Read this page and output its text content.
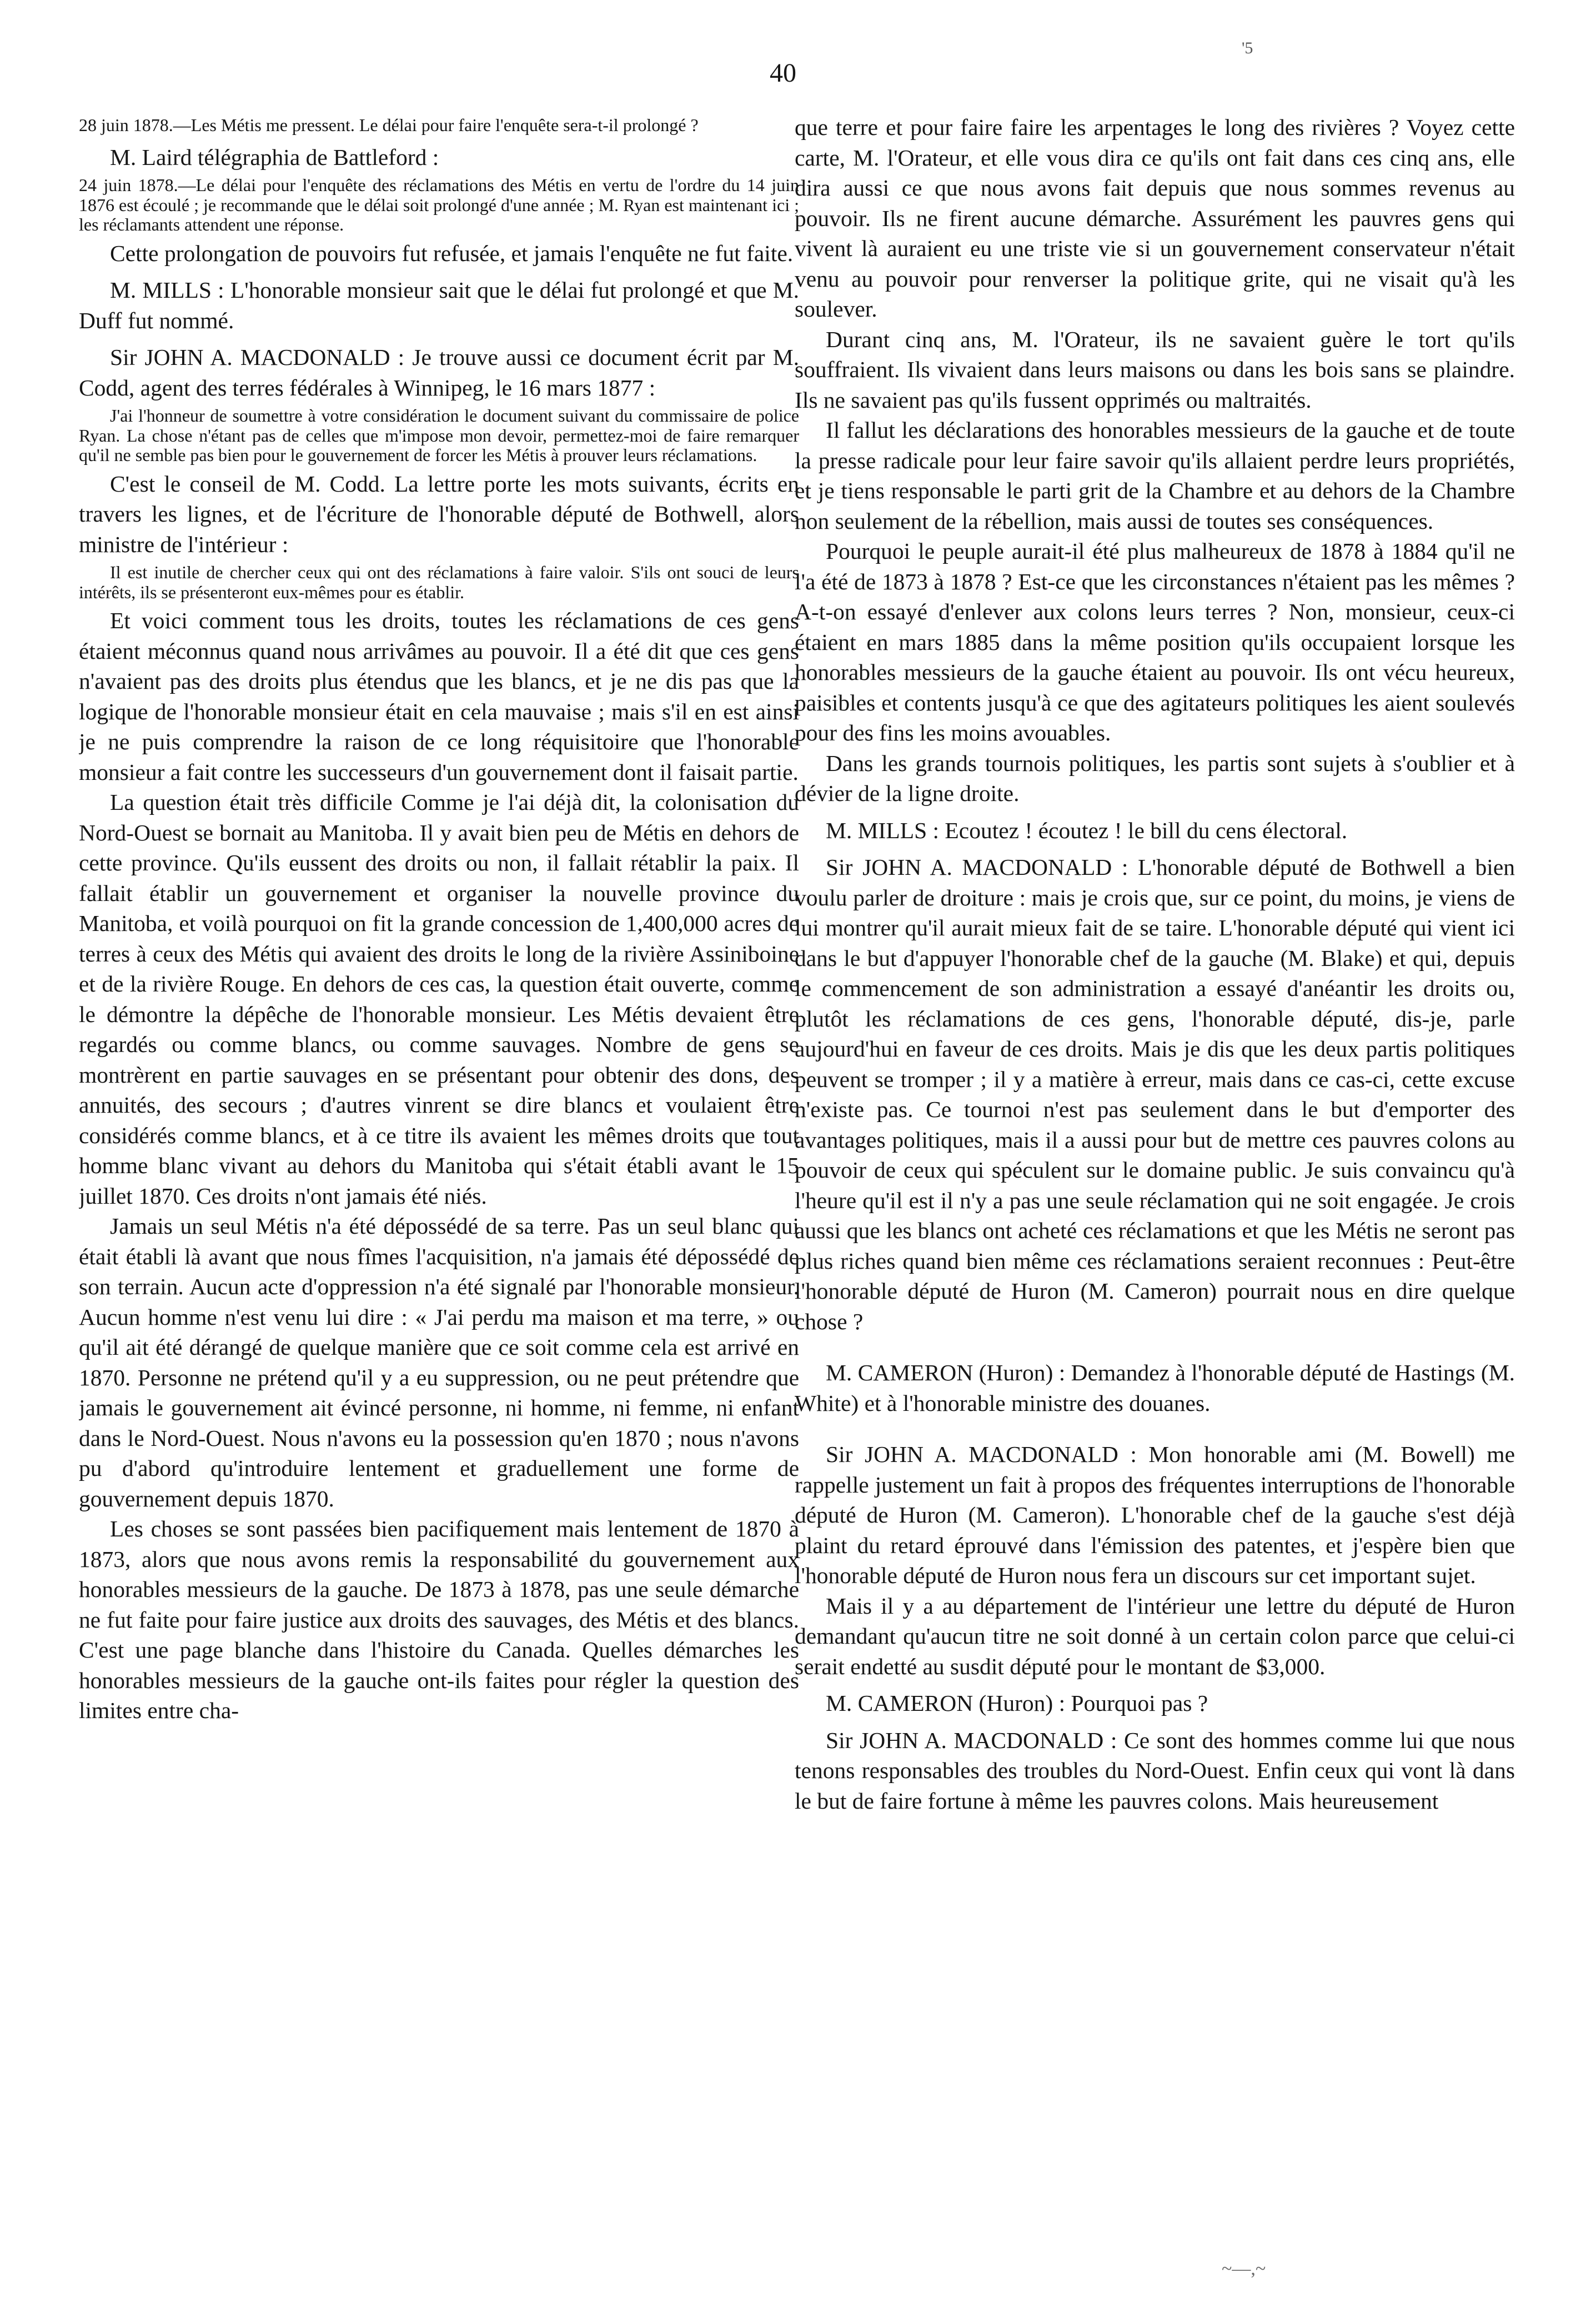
40
'5

28 juin 1878.—Les Métis me pressent. Le délai pour faire l'enquête sera-t-il prolongé ?

M. Laird télégraphia de Battleford :

24 juin 1878.—Le délai pour l'enquête des réclamations des Métis en vertu de l'ordre du 14 juin 1876 est écoulé ; je recommande que le délai soit prolongé d'une année ; M. Ryan est maintenant ici ; les réclamants attendent une réponse.

Cette prolongation de pouvoirs fut refusée, et jamais l'enquête ne fut faite.

M. MILLS : L'honorable monsieur sait que le délai fut prolongé et que M. Duff fut nommé.

Sir JOHN A. MACDONALD : Je trouve aussi ce document écrit par M. Codd, agent des terres fédérales à Winnipeg, le 16 mars 1877 :

J'ai l'honneur de soumettre à votre considération le document suivant du commissaire de police Ryan. La chose n'étant pas de celles que m'impose mon devoir, permettez-moi de faire remarquer qu'il ne semble pas bien pour le gouvernement de forcer les Métis à prouver leurs réclamations.

C'est le conseil de M. Codd. La lettre porte les mots suivants, écrits en travers les lignes, et de l'écriture de l'honorable député de Bothwell, alors ministre de l'intérieur :

Il est inutile de chercher ceux qui ont des réclamations à faire valoir. S'ils ont souci de leurs intérêts, ils se présenteront eux-mêmes pour es établir.

Et voici comment tous les droits, toutes les réclamations de ces gens étaient méconnus quand nous arrivâmes au pouvoir. Il a été dit que ces gens n'avaient pas des droits plus étendus que les blancs, et je ne dis pas que la logique de l'honorable monsieur était en cela mauvaise ; mais s'il en est ainsi je ne puis comprendre la raison de ce long réquisitoire que l'honorable monsieur a fait contre les successeurs d'un gouvernement dont il faisait partie.

La question était très difficile Comme je l'ai déjà dit, la colonisation du Nord-Ouest se bornait au Manitoba. Il y avait bien peu de Métis en dehors de cette province. Qu'ils eussent des droits ou non, il fallait rétablir la paix. Il fallait établir un gouvernement et organiser la nouvelle province du Manitoba, et voilà pourquoi on fit la grande concession de 1,400,000 acres de terres à ceux des Métis qui avaient des droits le long de la rivière Assiniboine et de la rivière Rouge. En dehors de ces cas, la question était ouverte, comme le démontre la dépêche de l'honorable monsieur. Les Métis devaient être regardés ou comme blancs, ou comme sauvages. Nombre de gens se montrèrent en partie sauvages en se présentant pour obtenir des dons, des annuités, des secours ; d'autres vinrent se dire blancs et voulaient être considérés comme blancs, et à ce titre ils avaient les mêmes droits que tout homme blanc vivant au dehors du Manitoba qui s'était établi avant le 15 juillet 1870. Ces droits n'ont jamais été niés.

Jamais un seul Métis n'a été dépossédé de sa terre. Pas un seul blanc qui était établi là avant que nous fîmes l'acquisition, n'a jamais été dépossédé de son terrain. Aucun acte d'oppression n'a été signalé par l'honorable monsieur. Aucun homme n'est venu lui dire : « J'ai perdu ma maison et ma terre, » ou qu'il ait été dérangé de quelque manière que ce soit comme cela est arrivé en 1870. Personne ne prétend qu'il y a eu suppression, ou ne peut prétendre que jamais le gouvernement ait évincé personne, ni homme, ni femme, ni enfant dans le Nord-Ouest. Nous n'avons eu la possession qu'en 1870 ; nous n'avons pu d'abord qu'introduire lentement et graduellement une forme de gouvernement depuis 1870.

Les choses se sont passées bien pacifiquement mais lentement de 1870 à 1873, alors que nous avons remis la responsabilité du gouvernement aux honorables messieurs de la gauche. De 1873 à 1878, pas une seule démarche ne fut faite pour faire justice aux droits des sauvages, des Métis et des blancs. C'est une page blanche dans l'histoire du Canada. Quelles démarches les honorables messieurs de la gauche ont-ils faites pour régler la question des limites entre cha-

que terre et pour faire faire les arpentages le long des rivières ? Voyez cette carte, M. l'Orateur, et elle vous dira ce qu'ils ont fait dans ces cinq ans, elle dira aussi ce que nous avons fait depuis que nous sommes revenus au pouvoir. Ils ne firent aucune démarche. Assurément les pauvres gens qui vivent là auraient eu une triste vie si un gouvernement conservateur n'était venu au pouvoir pour renverser la politique grite, qui ne visait qu'à les soulever.

Durant cinq ans, M. l'Orateur, ils ne savaient guère le tort qu'ils souffraient. Ils vivaient dans leurs maisons ou dans les bois sans se plaindre. Ils ne savaient pas qu'ils fussent opprimés ou maltraités.

Il fallut les déclarations des honorables messieurs de la gauche et de toute la presse radicale pour leur faire savoir qu'ils allaient perdre leurs propriétés, et je tiens responsable le parti grit de la Chambre et au dehors de la Chambre non seulement de la rébellion, mais aussi de toutes ses conséquences.

Pourquoi le peuple aurait-il été plus malheureux de 1878 à 1884 qu'il ne l'a été de 1873 à 1878 ? Est-ce que les circonstances n'étaient pas les mêmes ? A-t-on essayé d'enlever aux colons leurs terres ? Non, monsieur, ceux-ci étaient en mars 1885 dans la même position qu'ils occupaient lorsque les honorables messieurs de la gauche étaient au pouvoir. Ils ont vécu heureux, paisibles et contents jusqu'à ce que des agitateurs politiques les aient soulevés pour des fins les moins avouables.

Dans les grands tournois politiques, les partis sont sujets à s'oublier et à dévier de la ligne droite.

M. MILLS : Ecoutez ! écoutez ! le bill du cens électoral.

Sir JOHN A. MACDONALD : L'honorable député de Bothwell a bien voulu parler de droiture : mais je crois que, sur ce point, du moins, je viens de lui montrer qu'il aurait mieux fait de se taire. L'honorable député qui vient ici dans le but d'appuyer l'honorable chef de la gauche (M. Blake) et qui, depuis le commencement de son administration a essayé d'anéantir les droits ou, plutôt les réclamations de ces gens, l'honorable député, dis-je, parle aujourd'hui en faveur de ces droits. Mais je dis que les deux partis politiques peuvent se tromper ; il y a matière à erreur, mais dans ce cas-ci, cette excuse n'existe pas. Ce tournoi n'est pas seulement dans le but d'emporter des avantages politiques, mais il a aussi pour but de mettre ces pauvres colons au pouvoir de ceux qui spéculent sur le domaine public. Je suis convaincu qu'à l'heure qu'il est il n'y a pas une seule réclamation qui ne soit engagée. Je crois aussi que les blancs ont acheté ces réclamations et que les Métis ne seront pas plus riches quand bien même ces réclamations seraient reconnues : Peut-être l'honorable député de Huron (M. Cameron) pourrait nous en dire quelque chose ?

M. CAMERON (Huron) : Demandez à l'honorable député de Hastings (M. White) et à l'honorable ministre des douanes.

Sir JOHN A. MACDONALD : Mon honorable ami (M. Bowell) me rappelle justement un fait à propos des fréquentes interruptions de l'honorable député de Huron (M. Cameron). L'honorable chef de la gauche s'est déjà plaint du retard éprouvé dans l'émission des patentes, et j'espère bien que l'honorable député de Huron nous fera un discours sur cet important sujet.

Mais il y a au département de l'intérieur une lettre du député de Huron demandant qu'aucun titre ne soit donné à un certain colon parce que celui-ci serait endetté au susdit député pour le montant de $3,000.

M. CAMERON (Huron) : Pourquoi pas ?

Sir JOHN A. MACDONALD : Ce sont des hommes comme lui que nous tenons responsables des troubles du Nord-Ouest. Enfin ceux qui vont là dans le but de faire fortune à même les pauvres colons. Mais heureusement

~—,~
